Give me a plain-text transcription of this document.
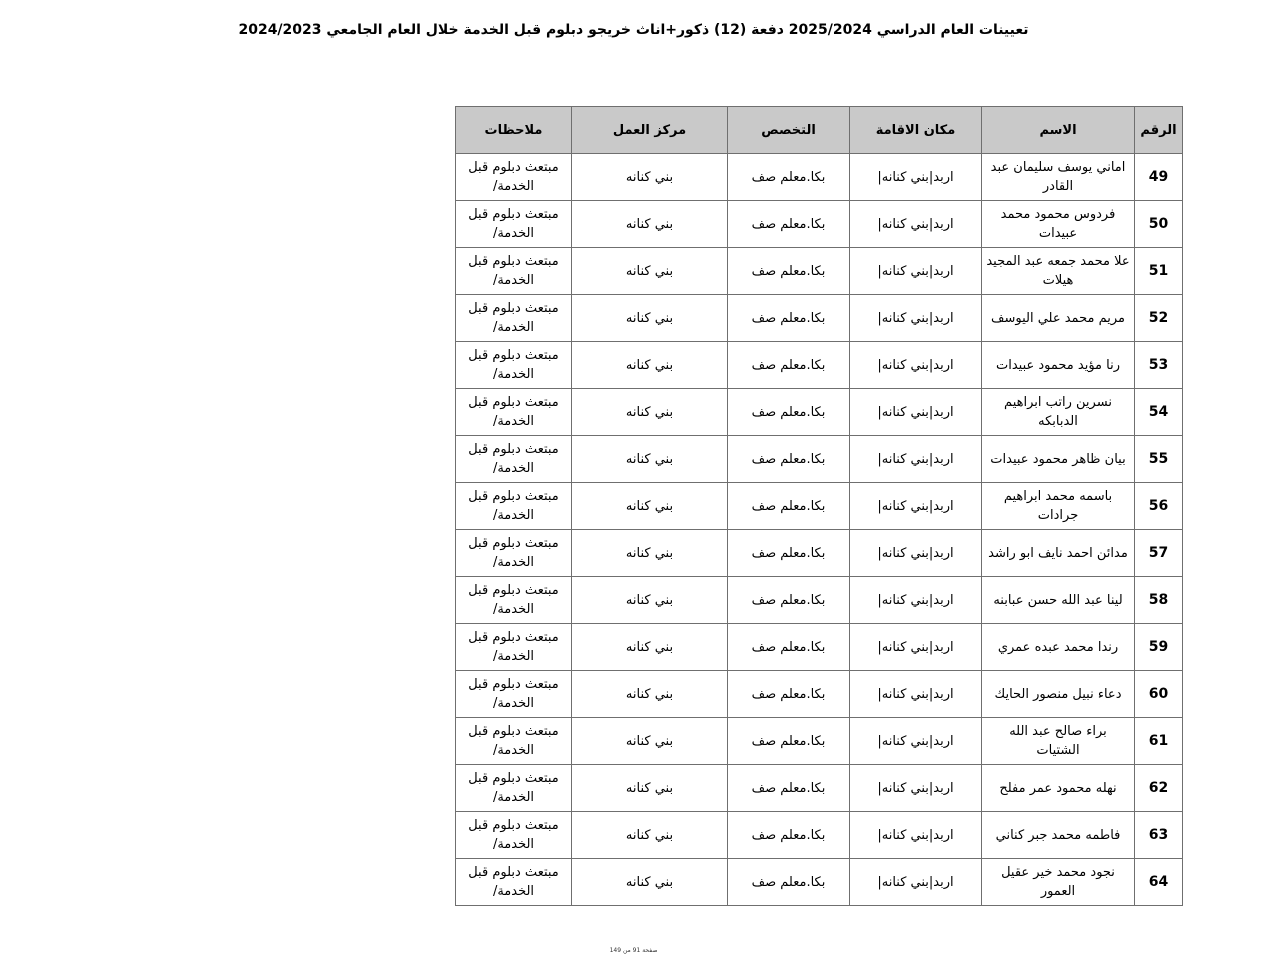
تعيينات العام الدراسي 2025/2024 دفعة (12) ذكور+اناث خريجو دبلوم قبل الخدمة خلال العام الجامعي 2024/2023
الرقم	الاسم	مكان الاقامة	التخصص	مركز العمل	ملاحظات
49	اماني يوسف سليمان عبد القادر	اربد|بني كنانه|	بكا.معلم صف	بني كنانه	مبتعث دبلوم قبل الخدمة/
50	فردوس محمود محمد عبيدات	اربد|بني كنانه|	بكا.معلم صف	بني كنانه	مبتعث دبلوم قبل الخدمة/
51	علا محمد جمعه عبد المجيد هيلات	اربد|بني كنانه|	بكا.معلم صف	بني كنانه	مبتعث دبلوم قبل الخدمة/
52	مريم محمد علي اليوسف	اربد|بني كنانه|	بكا.معلم صف	بني كنانه	مبتعث دبلوم قبل الخدمة/
53	رنا مؤيد محمود عبيدات	اربد|بني كنانه|	بكا.معلم صف	بني كنانه	مبتعث دبلوم قبل الخدمة/
54	نسرين راتب ابراهيم الدبابكه	اربد|بني كنانه|	بكا.معلم صف	بني كنانه	مبتعث دبلوم قبل الخدمة/
55	بيان ظاهر محمود عبيدات	اربد|بني كنانه|	بكا.معلم صف	بني كنانه	مبتعث دبلوم قبل الخدمة/
56	باسمه محمد ابراهيم جرادات	اربد|بني كنانه|	بكا.معلم صف	بني كنانه	مبتعث دبلوم قبل الخدمة/
57	مدائن احمد نايف ابو راشد	اربد|بني كنانه|	بكا.معلم صف	بني كنانه	مبتعث دبلوم قبل الخدمة/
58	لينا عبد الله حسن عبابنه	اربد|بني كنانه|	بكا.معلم صف	بني كنانه	مبتعث دبلوم قبل الخدمة/
59	رندا محمد عبده عمري	اربد|بني كنانه|	بكا.معلم صف	بني كنانه	مبتعث دبلوم قبل الخدمة/
60	دعاء نبيل منصور الحايك	اربد|بني كنانه|	بكا.معلم صف	بني كنانه	مبتعث دبلوم قبل الخدمة/
61	براء صالح عبد الله الشتيات	اربد|بني كنانه|	بكا.معلم صف	بني كنانه	مبتعث دبلوم قبل الخدمة/
62	نهله محمود عمر مفلح	اربد|بني كنانه|	بكا.معلم صف	بني كنانه	مبتعث دبلوم قبل الخدمة/
63	فاطمه محمد جبر كناني	اربد|بني كنانه|	بكا.معلم صف	بني كنانه	مبتعث دبلوم قبل الخدمة/
64	نجود محمد خير عقيل العمور	اربد|بني كنانه|	بكا.معلم صف	بني كنانه	مبتعث دبلوم قبل الخدمة/
صفحة 91 من 149
